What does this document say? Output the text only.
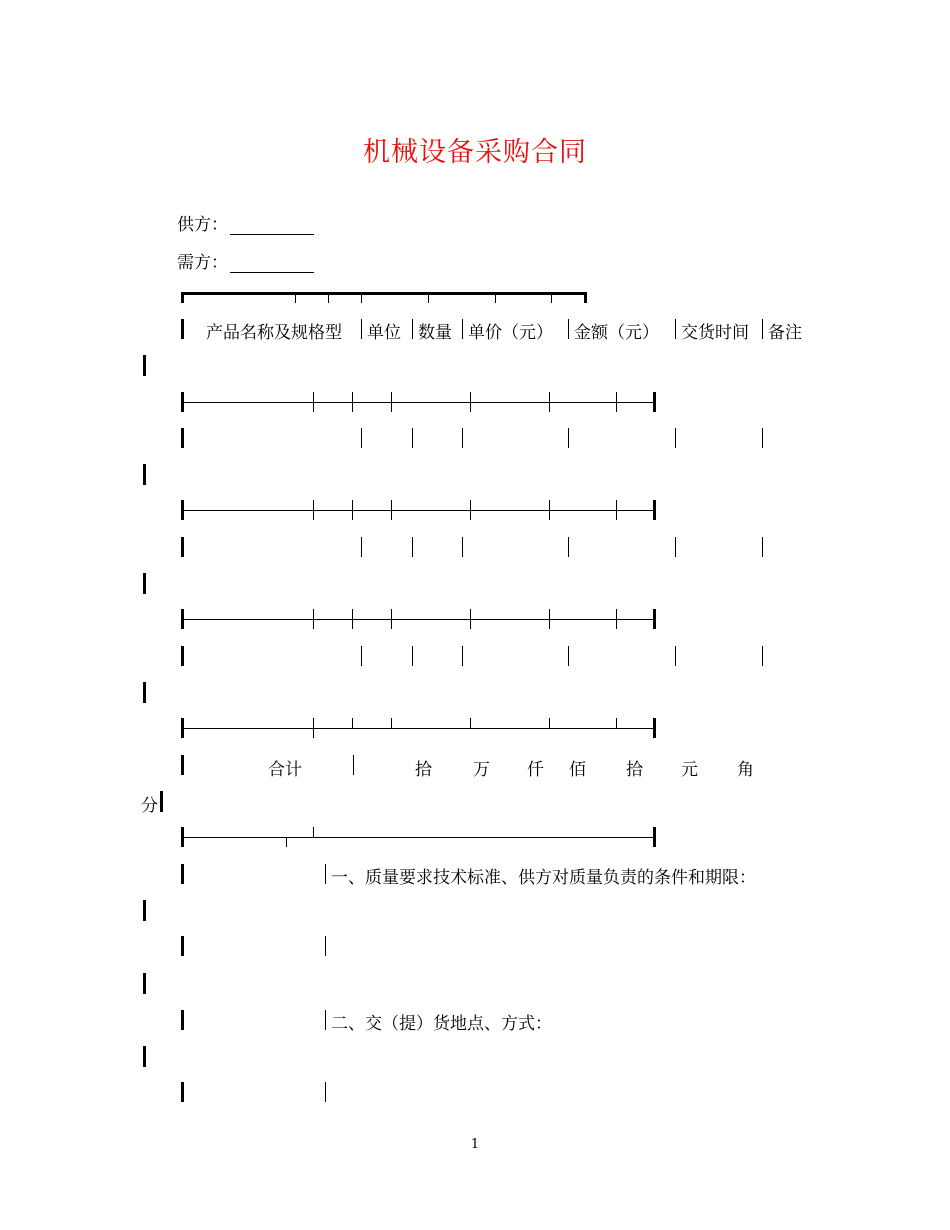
机械设备采购合同
供方：
需方：
产品名称及规格型 单位 数量 单价（元） 金额（元） 交货时间 备注
合计	拾 万 仟 佰 拾 元 角
分
一、质量要求技术标准、供方对质量负责的条件和期限：
二、交（提）货地点、方式：
1
